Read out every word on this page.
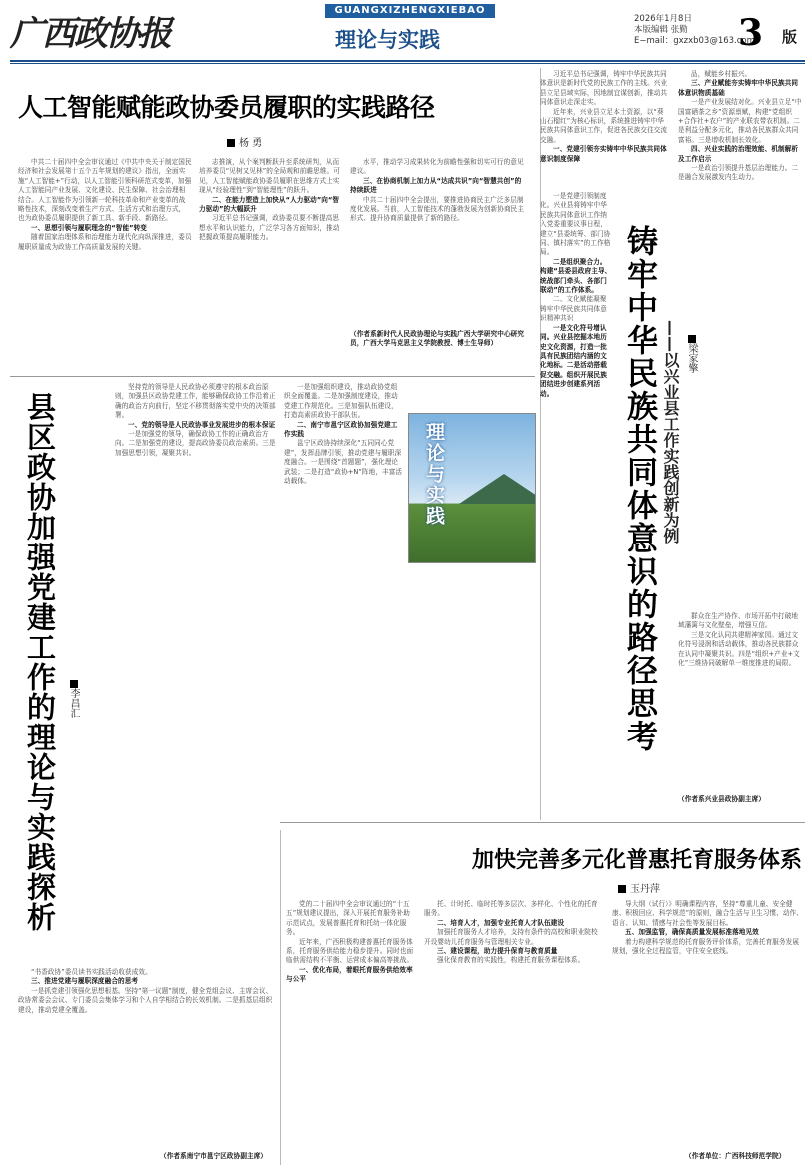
广西政协报
GUANGXIZHENGXIEBAO
理论与实践
2026年1月8日
本版编辑 张勤
E−mail：gxzxb03@163.com
3 版
人工智能赋能政协委员履职的实践路径
杨 勇

中共二十届四中全会审议通过《中共中央关于制定国民经济和社会发展第十五个五年规划的建议》指出，全面实施“人工智能+”行动，以人工智能引领科研范式变革，加强人工智能同产业发展、文化建设、民生保障、社会治理相结合。人工智能作为引领新一轮科技革命和产业变革的战略性技术，深刻改变着生产方式、生活方式和治理方式，也为政协委员履职提供了新工具、新手段、新路径。

一、思想引领与履职理念的“智能”转变

随着国家治理体系和治理能力现代化向纵深推进，委员履职质量成为政协工作高质量发展的关键。

志推演，从个案判断跃升至系统研判，从而培养委员“见树又见林”的全局观和前瞻思维。可见，人工智能赋能政协委员履职在思维方式上实现从“经验理性”到“智能理性”的跃升。

二、在能力塑造上加快从“人力驱动”向“智力驱动”的大幅跃升

习近平总书记强调，政协委员要不断提高思想水平和认识能力，广泛学习各方面知识，推动把握政策提高履职能力。

水平，推动学习成果转化为前瞻性强和切实可行的意见建议。

三、在协商机制上加力从“达成共识”向“智慧共创”的持续跃进

中共二十届四中全会提出，要推进协商民主广泛多层制度化发展。当前，人工智能技术的蓬勃发展为创新协商民主形式、提升协商质量提供了新的路径。

（作者系新时代人民政协理论与实践广西大学研究中心研究员，广西大学马克思主义学院教授、博士生导师）

习近平总书记强调，铸牢中华民族共同体意识是新时代党的民族工作的主线。兴业县立足县域实际，因地制宜谋创新，推动共同体意识走深走实。

近年来，兴业县立足本土资源，以“葵山石榴红”为核心标识，系统推进铸牢中华民族共同体意识工作，促进各民族交往交流交融。

一、党建引领夯实铸牢中华民族共同体意识制度保障

一是党建引领制度化。兴业县将铸牢中华民族共同体意识工作纳入党委重要议事日程，建立“县委统筹、部门协同、镇村落实”的工作格局。

二是组织聚合力。构建“县委县政府主导、统战部门牵头、各部门联动”的工作体系。

二、文化赋能凝聚铸牢中华民族共同体意识精神共识

一是文化符号增认同。兴业县挖掘本地历史文化资源，打造一批具有民族团结内涵的文化地标。二是活动搭载促交融。组织开展民族团结进步创建系列活动。	铸牢中华民族共同体意识的路径思考 ——以兴业县工作实践创新为例 梁家擎

品，赋能乡村振兴。

三、产业赋能夯实铸牢中华民族共同体意识物质基础

一是产业发展结对化。兴业县立足“中国富硒茶之乡”资源禀赋，构建“党组织+合作社+农户”的产业联农带农机制。二是利益分配多元化，推动各民族群众共同富裕。三是增收机制长效化。

四、兴业实践的治理效能、机制解析及工作启示

一是政治引领提升基层治理能力。二是融合发展激发内生动力。

群众在生产协作、市场开拓中打破地域藩篱与文化壁垒，增强互信。

三是文化认同共建精神家园。通过文化符号浸润和活动载体，推动各民族群众在认同中凝聚共识。四是“组织+产业+文化”三维协同破解单一维度推进的局限。

（作者系兴业县政协副主席）
县区政协加强党建工作的理论与实践探析 李昌汇

坚持党的领导是人民政协必须遵守的根本政治原则，加强县区政协党建工作，能够确保政协工作沿着正确的政治方向前行，坚定不移贯彻落实党中央的决策部署。

一、党的领导是人民政协事业发展进步的根本保证

一是加强党的领导，确保政协工作的正确政治方向。二是加强党的建设，提高政协委员政治素质。三是加强思想引领，凝聚共识。

一是加强组织建设，推动政协党组织全面覆盖。二是加强制度建设，推动党建工作规范化。三是加强队伍建设，打造高素质政协干部队伍。

二、南宁市邕宁区政协加强党建工作实践

邕宁区政协持续深化“五同同心党建”，发挥品牌引领，推动党建与履职深度融合。一是围绕“首题题”，强化理论武装；二是打造“政协+N”阵地，丰富活动载体。

“书香政协”委员读书实践活动收获成效。

三、推进党建与履职深度融合的思考

一是抓党建引领强化思想根基。坚持“第一议题”制度，健全党组会议、主席会议、政协常委会会议、专门委员会集体学习和个人自学相结合的长效机制。二是抓基层组织建设，推动党建全覆盖。

（作者系南宁市邕宁区政协副主席）
理论与实践
加快完善多元化普惠托育服务体系
玉丹萍

党的二十届四中全会审议通过的“十五五”规划建议提出，深入开展托育服务补助示范试点，发展普惠托育和托幼一体化服务。

近年来，广西积极构建普惠托育服务体系，托育服务供给能力稳步提升。同时也面临供需结构不平衡、运营成本偏高等挑战。

一、优化布局，着眼托育服务供给效率与公平

托、计时托、临时托等多层次、多样化、个性化的托育服务。

二、培育人才，加强专业托育人才队伍建设

加强托育服务人才培养，支持有条件的高校和职业院校开设婴幼儿托育服务与管理相关专业。

三、建设课程，助力提升保育与教育质量

强化保育教育的实践性，构建托育服务课程体系。

导大纲（试行）》明确课程内容，坚持“尊重儿童、安全健康、积极回应、科学规范”的原则，融合生活与卫生习惯、动作、语言、认知、情感与社会性等发展目标。

五、加强监管，确保高质量发展标准落地见效

着力构建科学规范的托育服务评价体系，完善托育服务发展规划，强化全过程监管，守住安全底线。

（作者单位：广西科技师范学院）
